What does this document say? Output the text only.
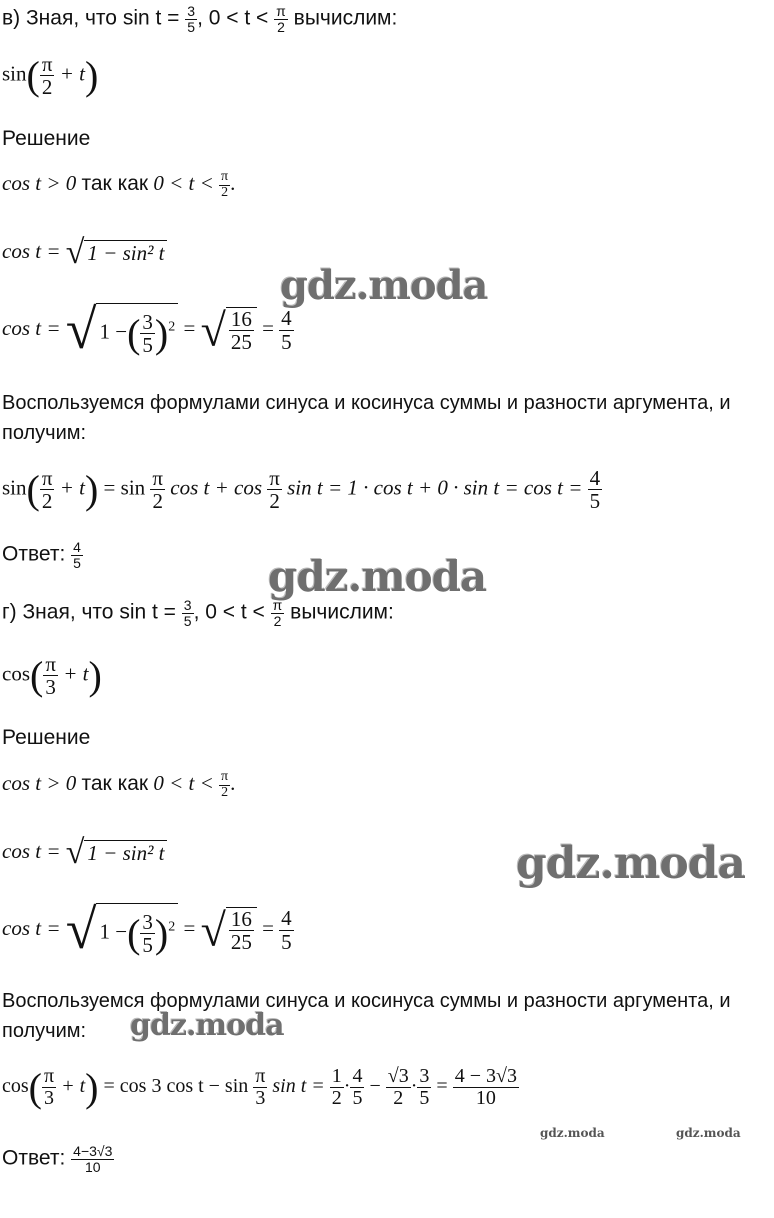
в) Зная, что $\sin t = \frac{3}{5}$ , $0 < t < \frac{\pi}{2}$ вычислим:
$\sin( \frac{\pi}{2} + t)$
Решение
cos t > 0 так как $0 < t < \frac{\pi}{2}$ .
cos t = √ 1 − sin² t
cos t = √ 1 −( $\frac{3}{5} )^2$ = √ $\frac{16}{25} = \frac{4}{5}$
Воспользуемся формулами синуса и косинуса суммы и разности аргумента, и получим:
$\sin( \frac{\pi}{2} + t) = \sin \frac{\pi}{2}$ $\cos t + \cos \frac{\pi}{2}$ $\sin t = 1 \cdot \cos t + 0 \cdot \sin t = \cos t = \frac{4}{5}$
Ответ: $\frac{4}{5}$
г) Зная, что $\sin t = \frac{3}{5}$ , $0 < t < \frac{\pi}{2}$ вычислим:
$\cos( \frac{\pi}{3} + t)$
Решение
cos t > 0 так как $0 < t < \frac{\pi}{2}$ .
cos t = √ 1 − sin² t
cos t = √ 1 −( $\frac{3}{5} )^2$ = √ $\frac{16}{25} = \frac{4}{5}$
Воспользуемся формулами синуса и косинуса суммы и разности аргумента, и получим:
$\cos( \frac{\pi}{3} + t) = \cos 3$ $\cos t - \sin \frac{\pi}{3}$ $\sin t = \frac{1}{2} \cdot \frac{4}{5} - \frac{√3}{2} \cdot \frac{3}{5} = \frac{4 - 3√3}{10}$
Ответ: $\frac{4-3√3}{10}$
gdz.moda
gdz.moda
gdz.moda
gdz.moda
gdz.moda	gdz.moda
